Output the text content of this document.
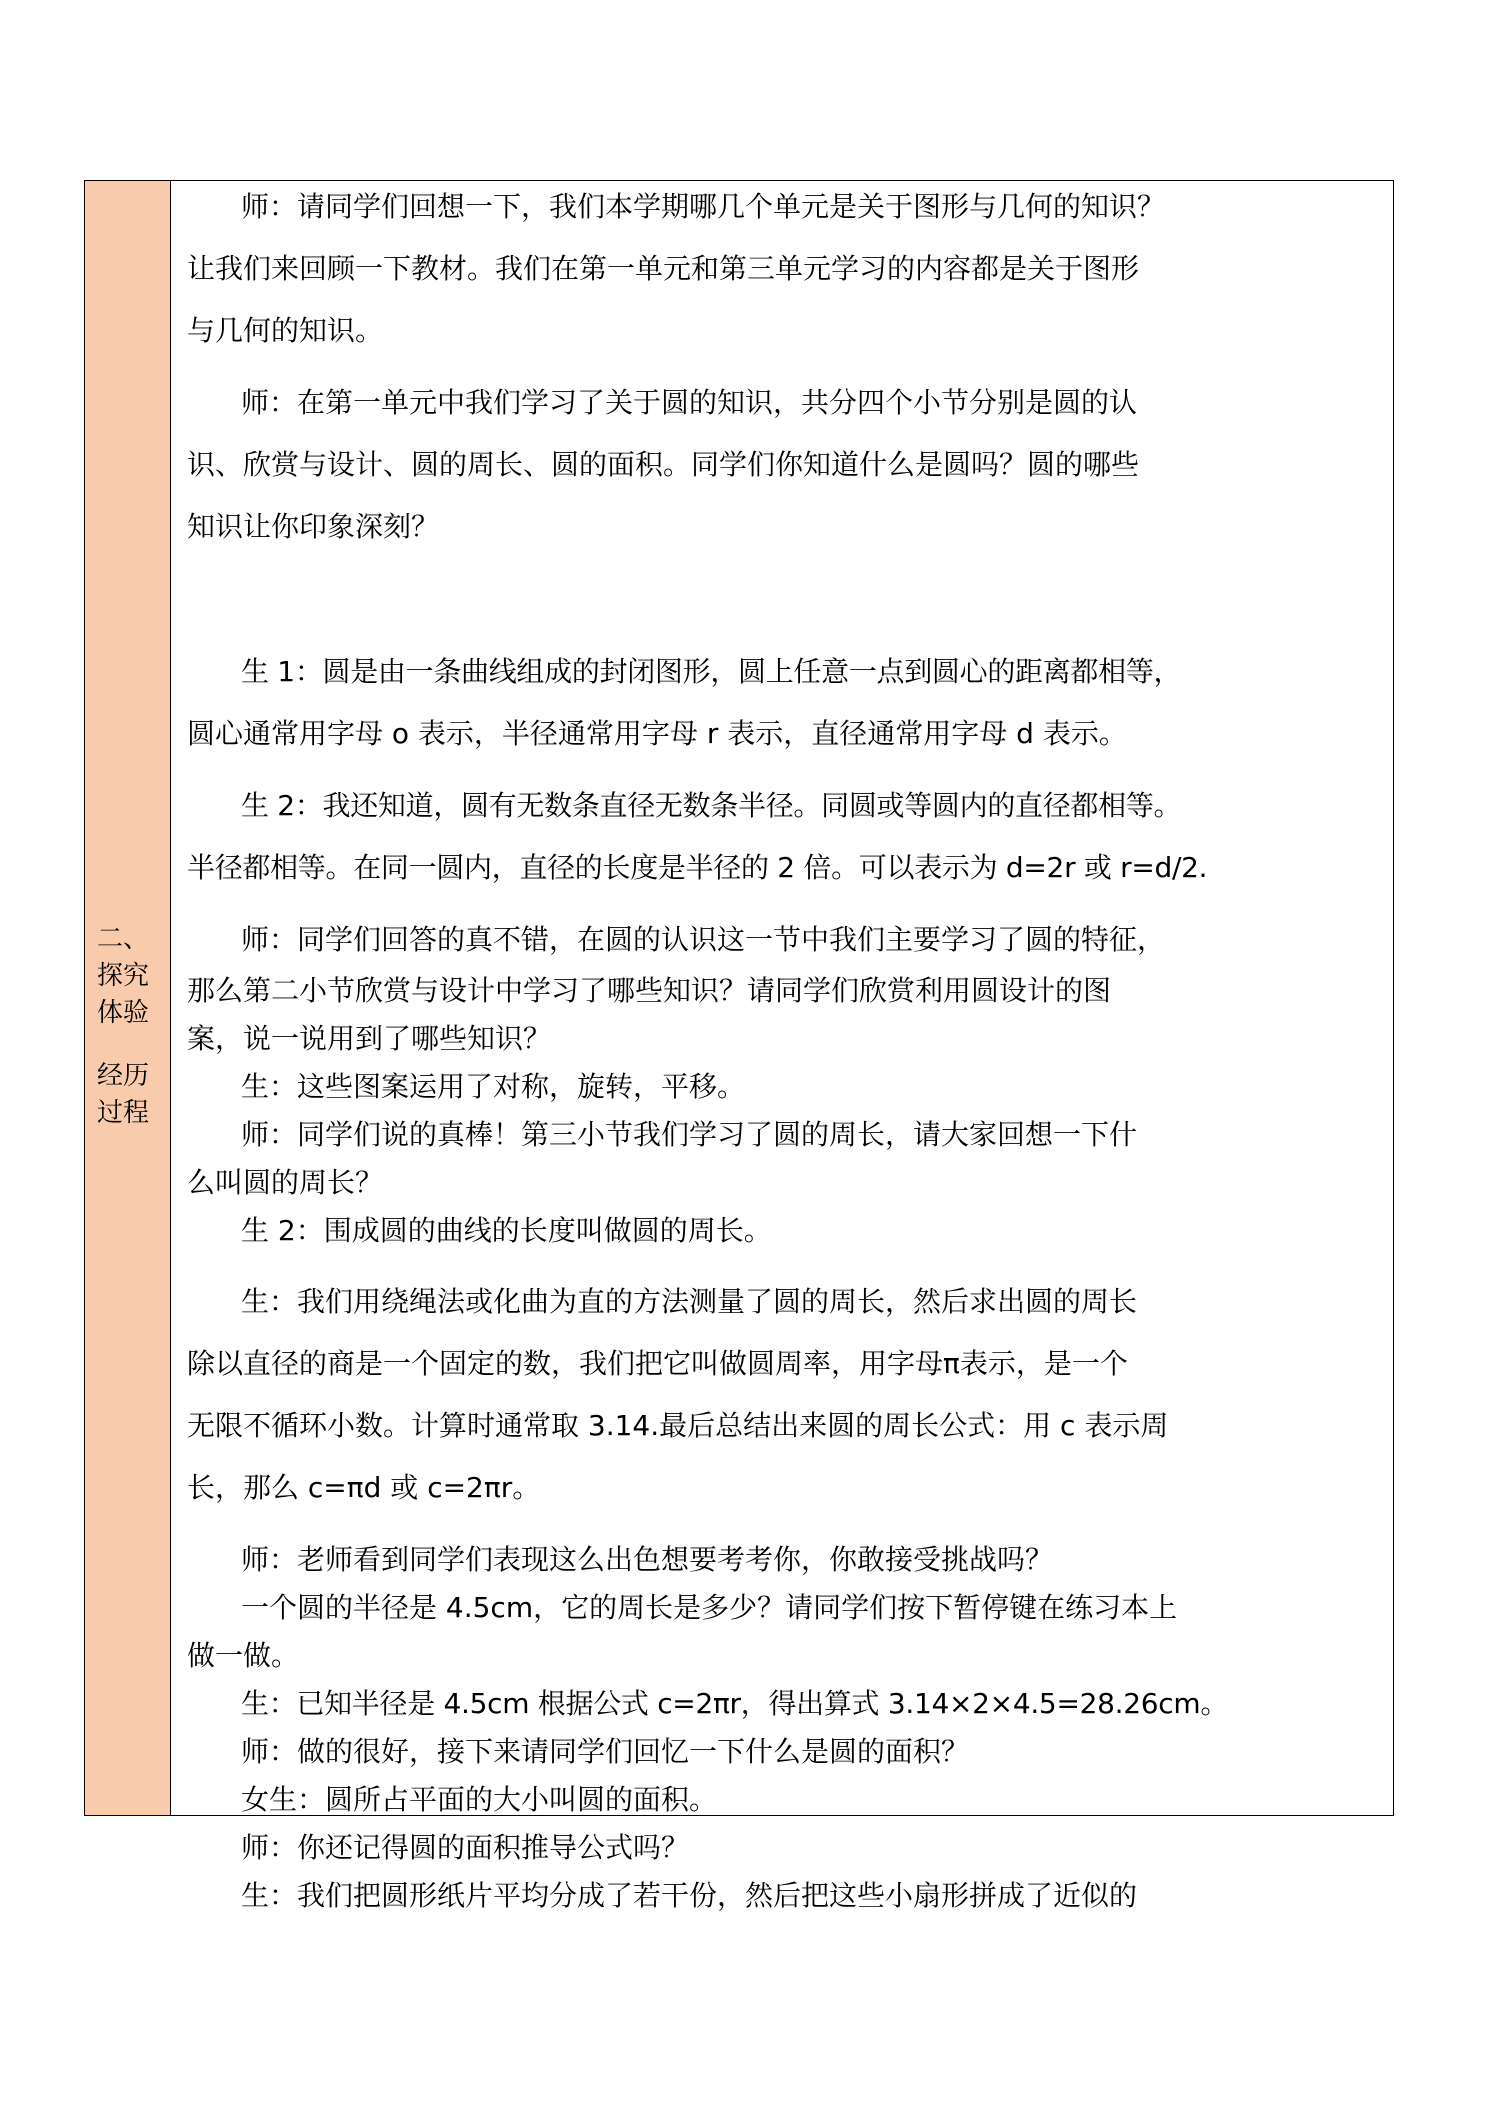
二、
探究
体验
经历
过程
师：请同学们回想一下，我们本学期哪几个单元是关于图形与几何的知识？
让我们来回顾一下教材。我们在第一单元和第三单元学习的内容都是关于图形
与几何的知识。
师：在第一单元中我们学习了关于圆的知识，共分四个小节分别是圆的认
识、欣赏与设计、圆的周长、圆的面积。同学们你知道什么是圆吗？圆的哪些
知识让你印象深刻？
生 1：圆是由一条曲线组成的封闭图形，圆上任意一点到圆心的距离都相等，
圆心通常用字母 o 表示，半径通常用字母 r 表示，直径通常用字母 d 表示。
生 2：我还知道，圆有无数条直径无数条半径。同圆或等圆内的直径都相等。
半径都相等。在同一圆内，直径的长度是半径的 2 倍。可以表示为 d=2r 或 r=d/2.
师：同学们回答的真不错，在圆的认识这一节中我们主要学习了圆的特征，
那么第二小节欣赏与设计中学习了哪些知识？请同学们欣赏利用圆设计的图
案，说一说用到了哪些知识？
生：这些图案运用了对称，旋转，平移。
师：同学们说的真棒！第三小节我们学习了圆的周长，请大家回想一下什
么叫圆的周长？
生 2：围成圆的曲线的长度叫做圆的周长。
生：我们用绕绳法或化曲为直的方法测量了圆的周长，然后求出圆的周长
除以直径的商是一个固定的数，我们把它叫做圆周率，用字母π表示，是一个
无限不循环小数。计算时通常取 3.14.最后总结出来圆的周长公式：用 c 表示周
长，那么 c=πd 或 c=2πr。
师：老师看到同学们表现这么出色想要考考你，你敢接受挑战吗？
一个圆的半径是 4.5cm，它的周长是多少？请同学们按下暂停键在练习本上
做一做。
生：已知半径是 4.5cm 根据公式 c=2πr，得出算式 3.14×2×4.5=28.26cm。
师：做的很好，接下来请同学们回忆一下什么是圆的面积？
女生：圆所占平面的大小叫圆的面积。
师：你还记得圆的面积推导公式吗？
生：我们把圆形纸片平均分成了若干份，然后把这些小扇形拼成了近似的
